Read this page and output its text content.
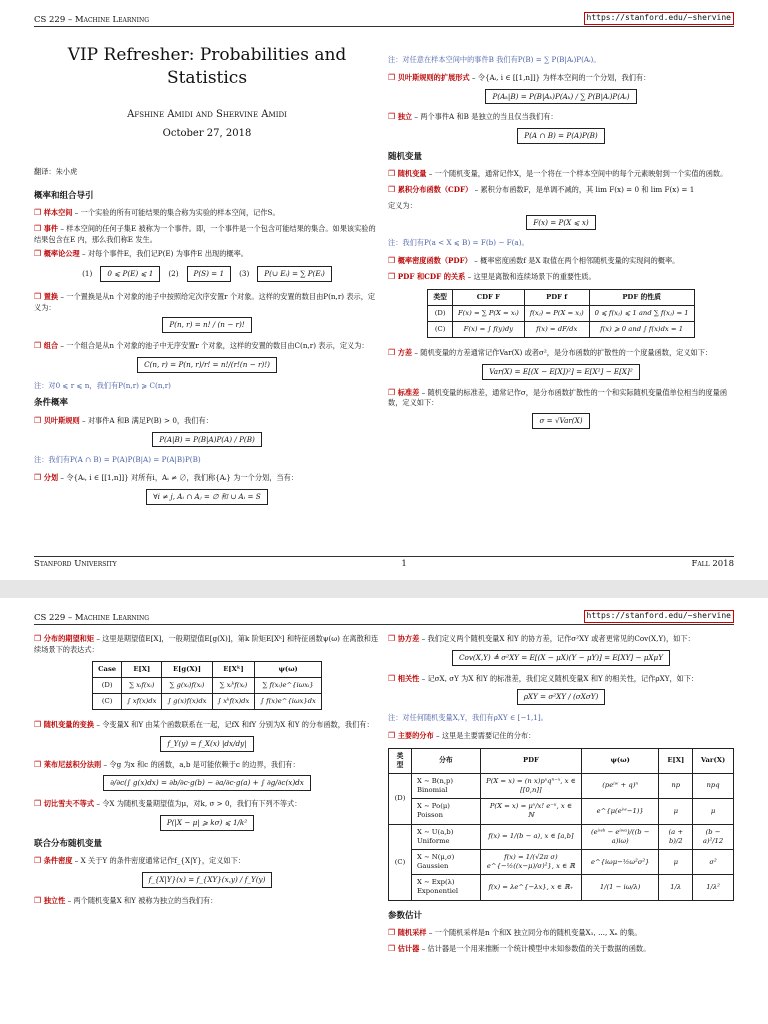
CS 229 – Machine Learning	https://stanford.edu/~shervine
VIP Refresher: Probabilities and Statistics
Afshine Amidi and Shervine Amidi
October 27, 2018
翻译：朱小虎
概率和组合导引

❒ 样本空间 – 一个实验的所有可能结果的集合称为实验的样本空间，记作S。

❒ 事件 – 样本空间的任何子集E 被称为一个事件。即，一个事件是一个包含可能结果的集合。如果该实验的结果包含在E 内，那么我们称E 发生。

❒ 概率论公理 – 对每个事件E，我们记P(E) 为事件E 出现的概率。

(1)	0 ⩽ P(E) ⩽ 1	(2)	P(S) = 1	(3)	P(∪ Eᵢ) = ∑ P(Eᵢ)

❒ 置换 – 一个置换是从n 个对象的池子中按照给定次序安置r 个对象。这样的安置的数目由P(n,r) 表示，定义为：

P(n, r) = n! / (n − r)!

❒ 组合 – 一个组合是从n 个对象的池子中无序安置r 个对象，这样的安置的数目由C(n,r) 表示，定义为：

C(n, r) = P(n, r)/r! = n!/(r!(n − r)!)
注：对0 ⩽ r ⩽ n，我们有P(n,r) ⩾ C(n,r)
条件概率

❒ 贝叶斯规则 – 对事件A 和B 满足P(B) > 0，我们有：

P(A|B) = P(B|A)P(A) / P(B)
注：我们有P(A ∩ B) = P(A)P(B|A) = P(A|B)P(B)

❒ 分划 – 令{Aᵢ, i ∈ [[1,n]]} 对所有i，Aᵢ ≠ ∅，我们称{Aᵢ} 为一个分划，当有：

∀i ≠ j, Aᵢ ∩ Aⱼ = ∅ 和 ∪ Aᵢ = S
注：对任意在样本空间中的事件B 我们有P(B) = ∑ P(B|Aᵢ)P(Aᵢ)。

❒ 贝叶斯规则的扩展形式 – 令{Aᵢ, i ∈ [[1,n]]} 为样本空间的一个分划，我们有：

P(Aₖ|B) = P(B|Aₖ)P(Aₖ) / ∑ P(B|Aᵢ)P(Aᵢ)

❒ 独立 – 两个事件A 和B 是独立的当且仅当我们有：

P(A ∩ B) = P(A)P(B)
随机变量

❒ 随机变量 – 一个随机变量，通常记作X，是一个将在一个样本空间中的每个元素映射到一个实值的函数。

❒ 累积分布函数（CDF） – 累积分布函数F，是单调不减的，其 lim F(x) = 0 和 lim F(x) = 1

定义为：
F(x) = P(X ⩽ x)
注：我们有P(a < X ⩽ B) = F(b) − F(a)。

❒ 概率密度函数（PDF） – 概率密度函数f 是X 取值在两个相邻随机变量的实现间的概率。

❒ PDF 和CDF 的关系 – 这里是离散和连续场景下的重要性质。

类型	CDF F	PDF f	PDF 的性质
(D)	F(x) = ∑ P(X = xᵢ)	f(xⱼ) = P(X = xⱼ)	0 ⩽ f(xⱼ) ⩽ 1 and ∑ f(xⱼ) = 1
(C)	F(x) = ∫ f(y)dy	f(x) = dF/dx	f(x) ⩾ 0 and ∫ f(x)dx = 1

❒ 方差 – 随机变量的方差通常记作Var(X) 或者σ²，是分布函数的扩散性的一个度量函数，定义如下：

Var(X) = E[(X − E[X])²] = E[X²] − E[X]²

❒ 标准差 – 随机变量的标准差，通常记作σ，是分布函数扩散性的一个和实际随机变量值单位相当的度量函数，定义如下：

σ = √Var(X)
Stanford University	1	Fall 2018
CS 229 – Machine Learning	https://stanford.edu/~shervine

❒ 分布的期望和矩 – 这里是期望值E[X]，一般期望值E[g(X)]，第k 阶矩E[Xᵏ] 和特征函数ψ(ω) 在离散和连续场景下的表达式：

Case	E[X]	E[g(X)]	E[Xᵏ]	ψ(ω)
(D)	∑ xᵢf(xᵢ)	∑ g(xᵢ)f(xᵢ)	∑ xᵢᵏf(xᵢ)	∑ f(xᵢ)e^{iωxᵢ}
(C)	∫ xf(x)dx	∫ g(x)f(x)dx	∫ xᵏf(x)dx	∫ f(x)e^{iωx}dx

❒ 随机变量的变换 – 令变量X 和Y 由某个函数联系在一起，记fX 和fY 分别为X 和Y 的分布函数，我们有：

f_Y(y) = f_X(x) |dx/dy|

❒ 莱布尼兹积分法则 – 令g 为x 和c 的函数，a,b 是可能依赖于c 的边界，我们有：

∂/∂c(∫ g(x)dx) = ∂b/∂c·g(b) − ∂a/∂c·g(a) + ∫ ∂g/∂c(x)dx

❒ 切比雪夫不等式 – 令X 为随机变量期望值为μ，对k, σ > 0，我们有下列不等式：

P(|X − μ| ⩾ kσ) ⩽ 1/k²
联合分布随机变量

❒ 条件密度 – X 关于Y 的条件密度通常记作f_{X|Y}，定义如下：

f_{X|Y}(x) = f_{XY}(x,y) / f_Y(y)

❒ 独立性 – 两个随机变量X 和Y 被称为独立的当我们有：

❒ 协方差 – 我们定义两个随机变量X 和Y 的协方差，记作σ²XY 或者更常见的Cov(X,Y)，如下：

Cov(X,Y) ≜ σ²XY = E[(X − μX)(Y − μY)] = E[XY] − μXμY

❒ 相关性 – 记σX, σY 为X 和Y 的标准差，我们定义随机变量X 和Y 的相关性，记作ρXY，如下：

ρXY = σ²XY / (σXσY)
注：对任何随机变量X,Y，我们有ρXY ∈ [−1,1]。

❒ 主要的分布 – 这里是主要需要记住的分布：

类型	分布	PDF	ψ(ω)	E[X]	Var(X)
(D)	X ∼ B(n,p) Binomial	P(X = x) = (n x)pˣqⁿ⁻ˣ, x ∈ [[0,n]]	(peⁱʷ + q)ⁿ	np	npq
	X ∼ Po(μ) Poisson	P(X = x) = μˣ/x! e⁻ᵘ, x ∈ ℕ	e^{μ(eⁱʷ−1)}	μ	μ
(C)	X ∼ U(a,b) Uniforme	f(x) = 1/(b − a), x ∈ [a,b]	(eⁱʷᵇ − eⁱʷᵃ)/((b − a)iω)	(a + b)/2	(b − a)²/12
	X ∼ N(μ,σ) Gaussien	f(x) = 1/(√2π σ) e^{−½((x−μ)/σ)²}, x ∈ ℝ	e^{iωμ−½ω²σ²}	μ	σ²
	X ∼ Exp(λ) Exponentiel	f(x) = λe^{−λx}, x ∈ ℝ₊	1/(1 − iω/λ)	1/λ	1/λ²
参数估计

❒ 随机采样 – 一个随机采样是n 个和X 独立同分布的随机变量X₁, ..., Xₙ 的集。

❒ 估计器 – 估计器是一个用来推断一个统计模型中未知参数值的关于数据的函数。
